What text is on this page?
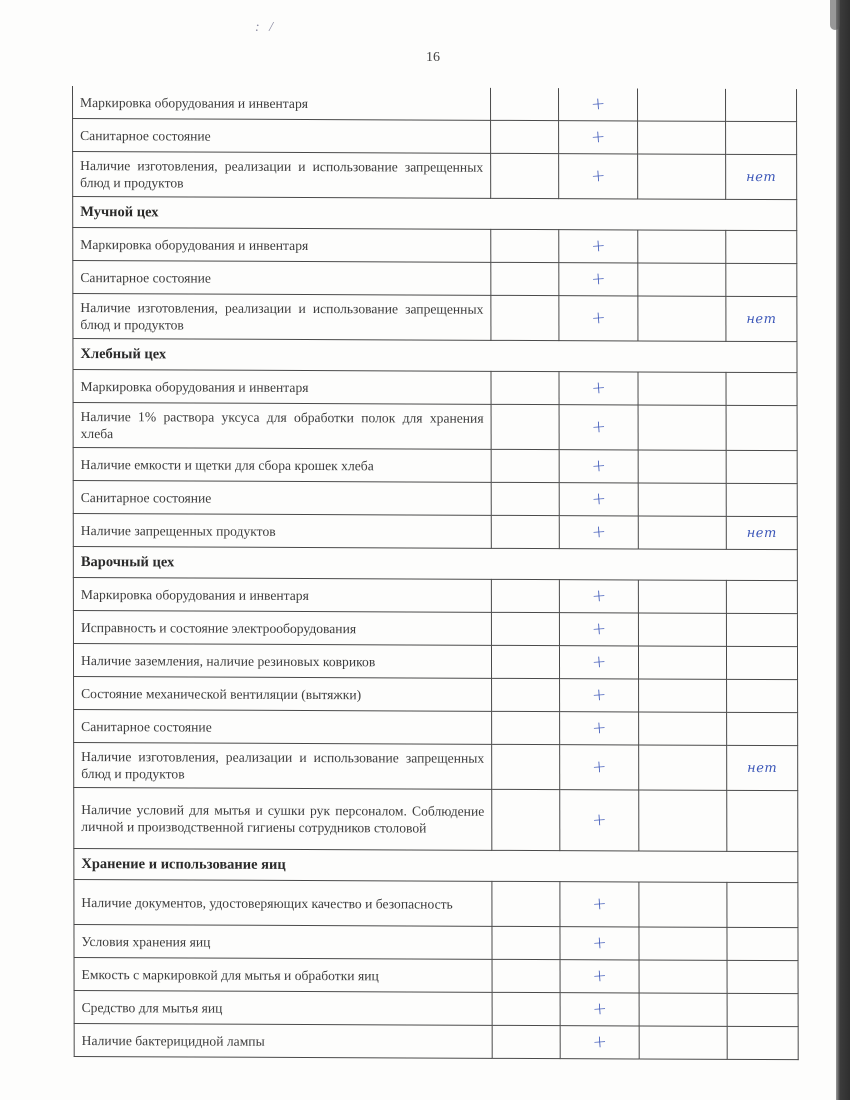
: /
16
Маркировка оборудования и инвентаря		+		
Санитарное состояние		+		
Наличие изготовления, реализации и использование запрещенных блюд и продуктов		+		нет
Мучной цех				
Маркировка оборудования и инвентаря		+		
Санитарное состояние		+		
Наличие изготовления, реализации и использование запрещенных блюд и продуктов		+		нет
Хлебный цех				
Маркировка оборудования и инвентаря		+		
Наличие 1% раствора уксуса для обработки полок для хранения хлеба		+		
Наличие емкости и щетки для сбора крошек хлеба		+		
Санитарное состояние		+		
Наличие запрещенных продуктов		+		нет
Варочный цех				
Маркировка оборудования и инвентаря		+		
Исправность и состояние электрооборудования		+		
Наличие заземления, наличие резиновых ковриков		+		
Состояние механической вентиляции (вытяжки)		+		
Санитарное состояние		+		
Наличие изготовления, реализации и использование запрещенных блюд и продуктов		+		нет
Наличие условий для мытья и сушки рук персоналом. Соблюдение личной и производственной гигиены сотрудников столовой		+		
Хранение и использование яиц				
Наличие документов, удостоверяющих качество и безопасность		+		
Условия хранения яиц		+		
Емкость с маркировкой для мытья и обработки яиц		+		
Средство для мытья яиц		+		
Наличие бактерицидной лампы		+		
